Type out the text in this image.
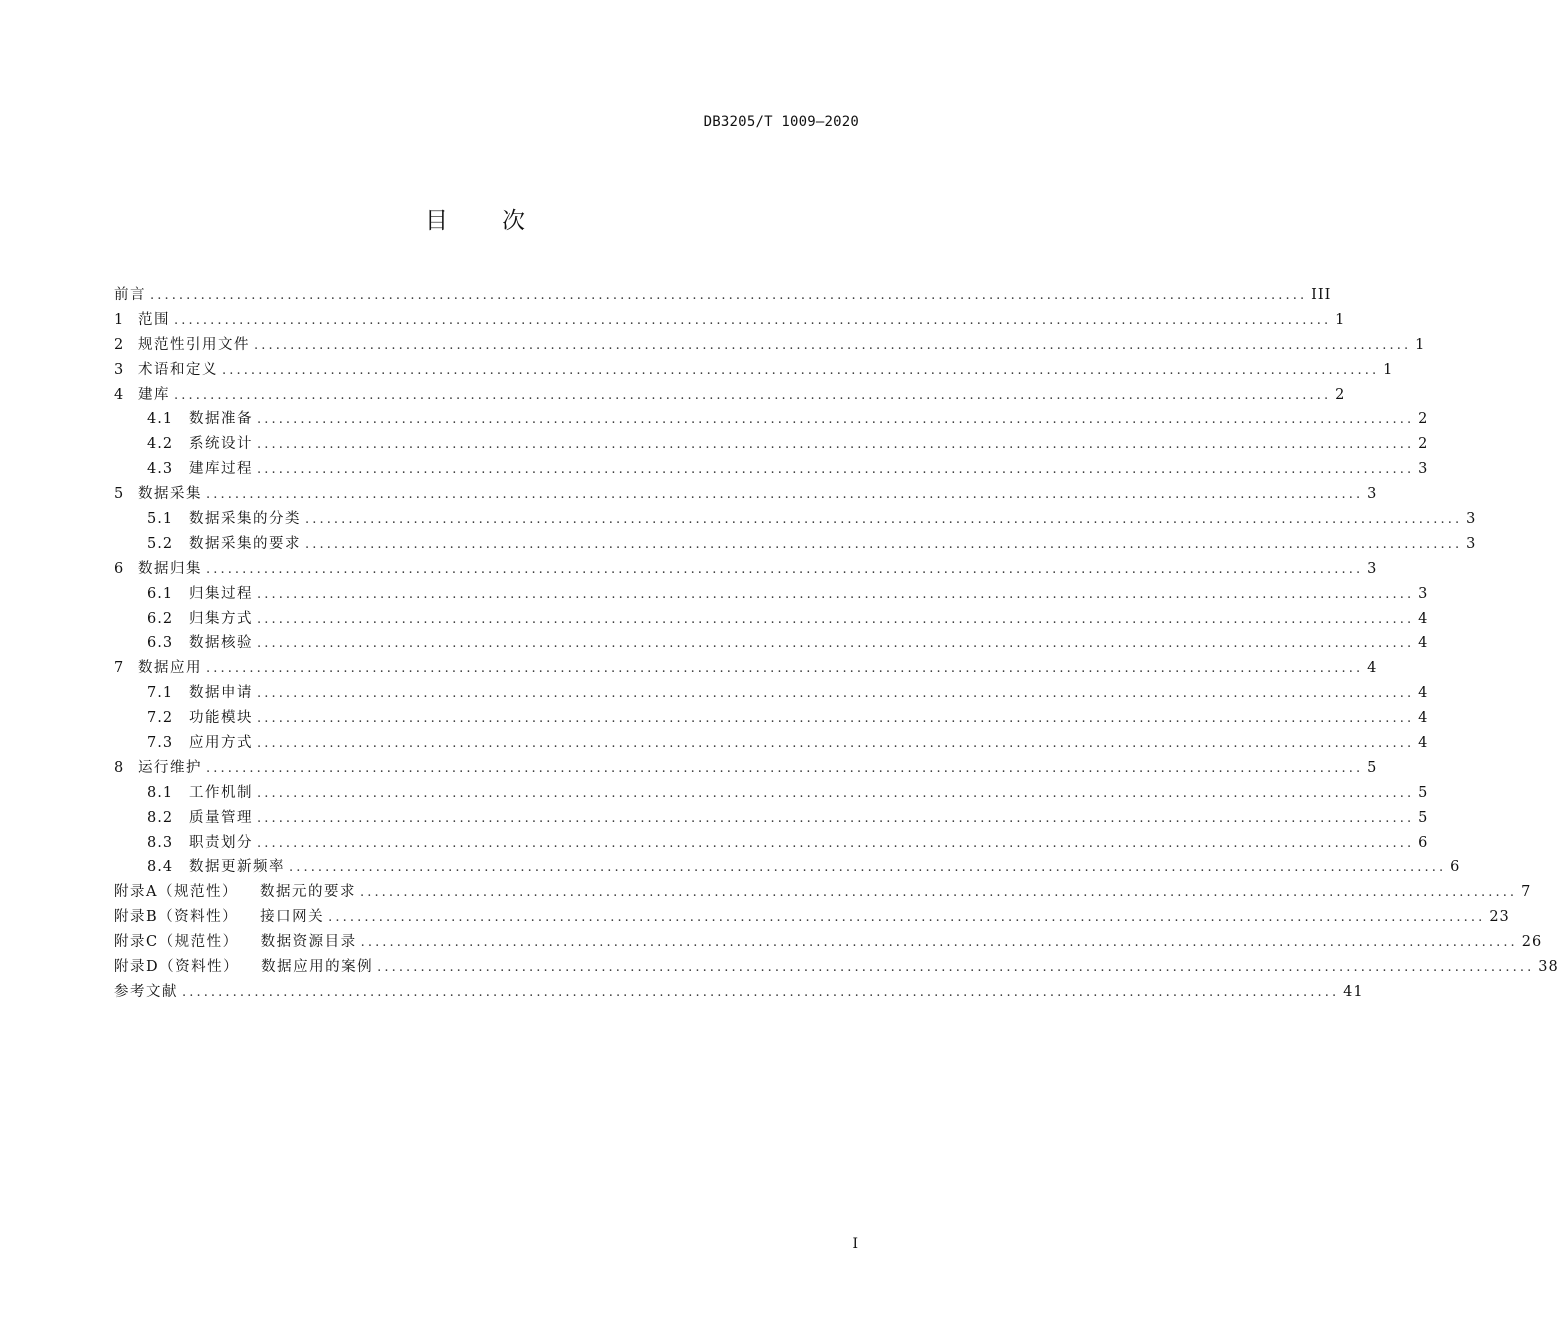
DB3205/T 1009—2020
目次
前言 ................................................................................................................................................................ III
1	范围 ................................................................................................................................................................ 1
2	规范性引用文件 ................................................................................................................................................................ 1
3	术语和定义 ................................................................................................................................................................ 1
4	建库 ................................................................................................................................................................ 2
4.1	数据准备 ................................................................................................................................................................ 2
4.2	系统设计 ................................................................................................................................................................ 2
4.3	建库过程 ................................................................................................................................................................ 3
5	数据采集 ................................................................................................................................................................ 3
5.1	数据采集的分类 ................................................................................................................................................................ 3
5.2	数据采集的要求 ................................................................................................................................................................ 3
6	数据归集 ................................................................................................................................................................ 3
6.1	归集过程 ................................................................................................................................................................ 3
6.2	归集方式 ................................................................................................................................................................ 4
6.3	数据核验 ................................................................................................................................................................ 4
7	数据应用 ................................................................................................................................................................ 4
7.1	数据申请 ................................................................................................................................................................ 4
7.2	功能模块 ................................................................................................................................................................ 4
7.3	应用方式 ................................................................................................................................................................ 4
8	运行维护 ................................................................................................................................................................ 5
8.1	工作机制 ................................................................................................................................................................ 5
8.2	质量管理 ................................................................................................................................................................ 5
8.3	职责划分 ................................................................................................................................................................ 6
8.4	数据更新频率 ................................................................................................................................................................ 6
附录A（规范性） 数据元的要求 ................................................................................................................................................................ 7
附录B（资料性） 接口网关 ................................................................................................................................................................ 23
附录C（规范性） 数据资源目录 ................................................................................................................................................................ 26
附录D（资料性） 数据应用的案例 ................................................................................................................................................................ 38
参考文献 ................................................................................................................................................................ 41
I
